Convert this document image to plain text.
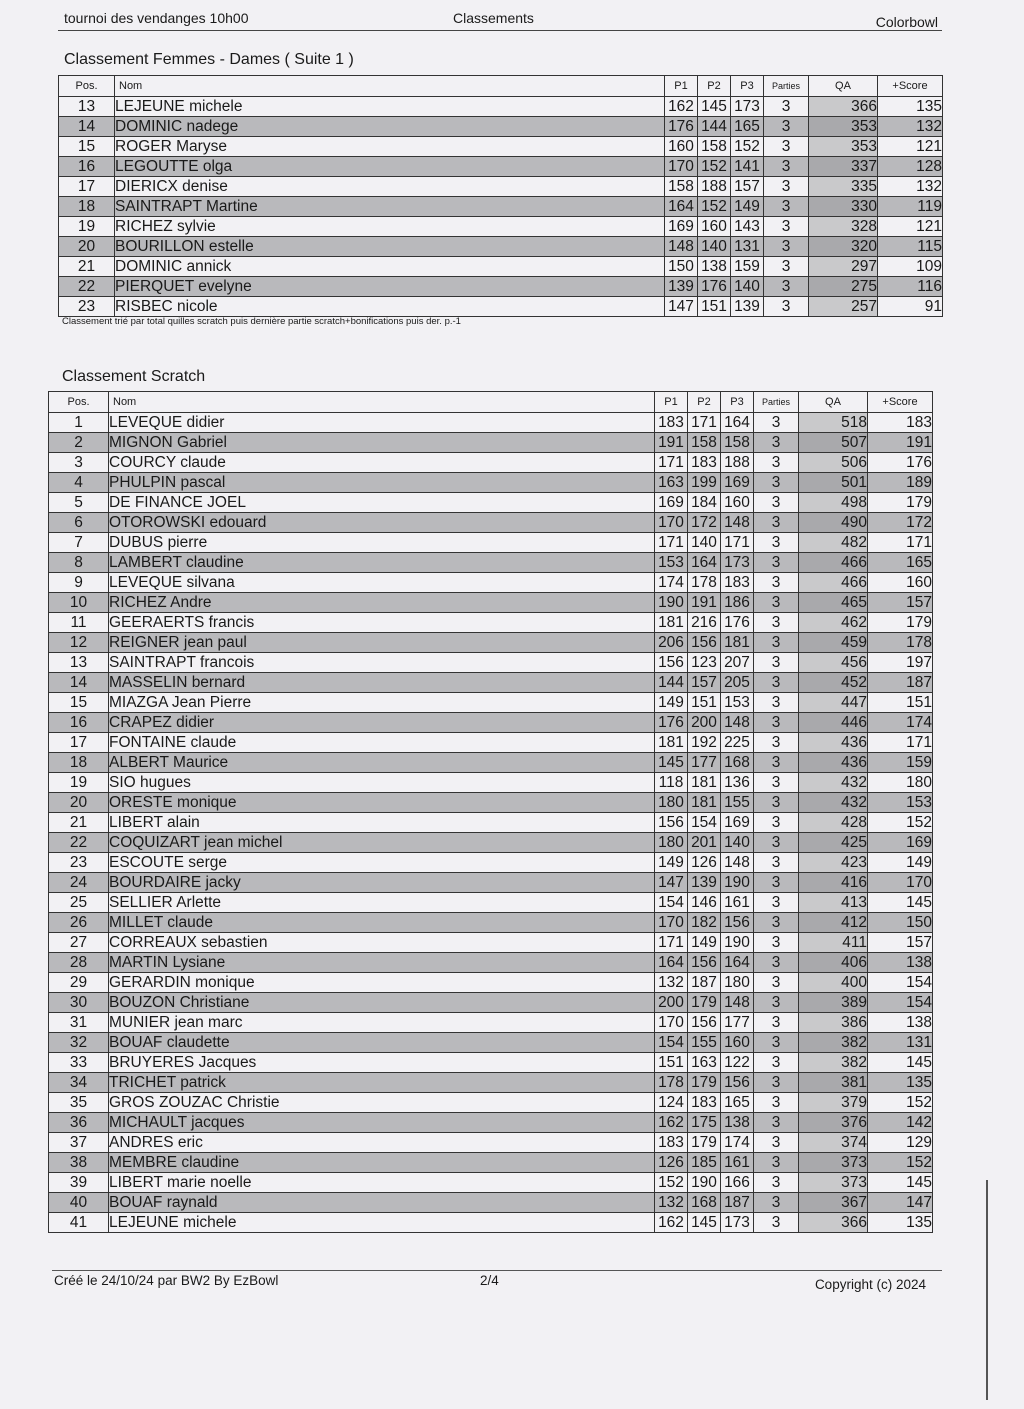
tournoi des vendanges 10h00	Classements	Colorbowl
Classement Femmes - Dames ( Suite 1 )
Pos.	Nom	P1	P2	P3	Parties	QA	+Score
13	LEJEUNE michele	162	145	173	3	366	135
14	DOMINIC nadege	176	144	165	3	353	132
15	ROGER Maryse	160	158	152	3	353	121
16	LEGOUTTE olga	170	152	141	3	337	128
17	DIERICX denise	158	188	157	3	335	132
18	SAINTRAPT Martine	164	152	149	3	330	119
19	RICHEZ sylvie	169	160	143	3	328	121
20	BOURILLON estelle	148	140	131	3	320	115
21	DOMINIC annick	150	138	159	3	297	109
22	PIERQUET evelyne	139	176	140	3	275	116
23	RISBEC nicole	147	151	139	3	257	91
Classement trié par total quilles scratch puis dernière partie scratch+bonifications puis der. p.-1
Classement Scratch
Pos.	Nom	P1	P2	P3	Parties	QA	+Score
1	LEVEQUE didier	183	171	164	3	518	183
2	MIGNON Gabriel	191	158	158	3	507	191
3	COURCY claude	171	183	188	3	506	176
4	PHULPIN pascal	163	199	169	3	501	189
5	DE FINANCE JOEL	169	184	160	3	498	179
6	OTOROWSKI edouard	170	172	148	3	490	172
7	DUBUS pierre	171	140	171	3	482	171
8	LAMBERT claudine	153	164	173	3	466	165
9	LEVEQUE silvana	174	178	183	3	466	160
10	RICHEZ Andre	190	191	186	3	465	157
11	GEERAERTS francis	181	216	176	3	462	179
12	REIGNER jean paul	206	156	181	3	459	178
13	SAINTRAPT francois	156	123	207	3	456	197
14	MASSELIN bernard	144	157	205	3	452	187
15	MIAZGA Jean Pierre	149	151	153	3	447	151
16	CRAPEZ didier	176	200	148	3	446	174
17	FONTAINE claude	181	192	225	3	436	171
18	ALBERT Maurice	145	177	168	3	436	159
19	SIO hugues	118	181	136	3	432	180
20	ORESTE monique	180	181	155	3	432	153
21	LIBERT alain	156	154	169	3	428	152
22	COQUIZART jean michel	180	201	140	3	425	169
23	ESCOUTE serge	149	126	148	3	423	149
24	BOURDAIRE jacky	147	139	190	3	416	170
25	SELLIER Arlette	154	146	161	3	413	145
26	MILLET claude	170	182	156	3	412	150
27	CORREAUX sebastien	171	149	190	3	411	157
28	MARTIN Lysiane	164	156	164	3	406	138
29	GERARDIN monique	132	187	180	3	400	154
30	BOUZON Christiane	200	179	148	3	389	154
31	MUNIER jean marc	170	156	177	3	386	138
32	BOUAF claudette	154	155	160	3	382	131
33	BRUYERES Jacques	151	163	122	3	382	145
34	TRICHET patrick	178	179	156	3	381	135
35	GROS ZOUZAC Christie	124	183	165	3	379	152
36	MICHAULT jacques	162	175	138	3	376	142
37	ANDRES eric	183	179	174	3	374	129
38	MEMBRE claudine	126	185	161	3	373	152
39	LIBERT marie noelle	152	190	166	3	373	145
40	BOUAF raynald	132	168	187	3	367	147
41	LEJEUNE michele	162	145	173	3	366	135
Créé le 24/10/24 par BW2 By EzBowl	2/4	Copyright (c) 2024
